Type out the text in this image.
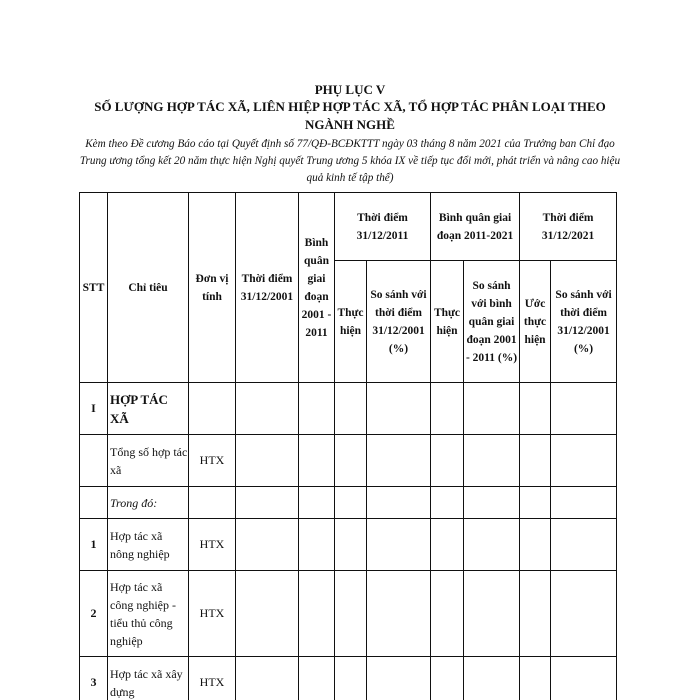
PHỤ LỤC V
SỐ LƯỢNG HỢP TÁC XÃ, LIÊN HIỆP HỢP TÁC XÃ, TỔ HỢP TÁC PHÂN LOẠI THEO NGÀNH NGHỀ
Kèm theo Đề cương Báo cáo tại Quyết định số 77/QĐ-BCĐKTTT ngày 03 tháng 8 năm 2021 của Trưởng ban Chỉ đạo Trung ương tổng kết 20 năm thực hiện Nghị quyết Trung ương 5 khóa IX về tiếp tục đổi mới, phát triển và nâng cao hiệu quả kinh tế tập thể)
STT	Chỉ tiêu	Đơn vị tính	Thời điểm 31/12/2001	Bình quân giai đoạn 2001 - 2011	Thời điểm 31/12/2011		Bình quân giai đoạn 2011-2021		Thời điểm 31/12/2021	

					Thực hiện	So sánh với thời điểm 31/12/2001 (%)	Thực hiện	So sánh với bình quân giai đoạn 2001 - 2011 (%)	Ước thực hiện	So sánh với thời điểm 31/12/2001 (%)

I	HỢP TÁC XÃ									
	Tổng số hợp tác xã	HTX								
	Trong đó:									
1	Hợp tác xã nông nghiệp	HTX								
2	Hợp tác xã công nghiệp - tiểu thủ công nghiệp	HTX								
3	Hợp tác xã xây dựng	HTX								
